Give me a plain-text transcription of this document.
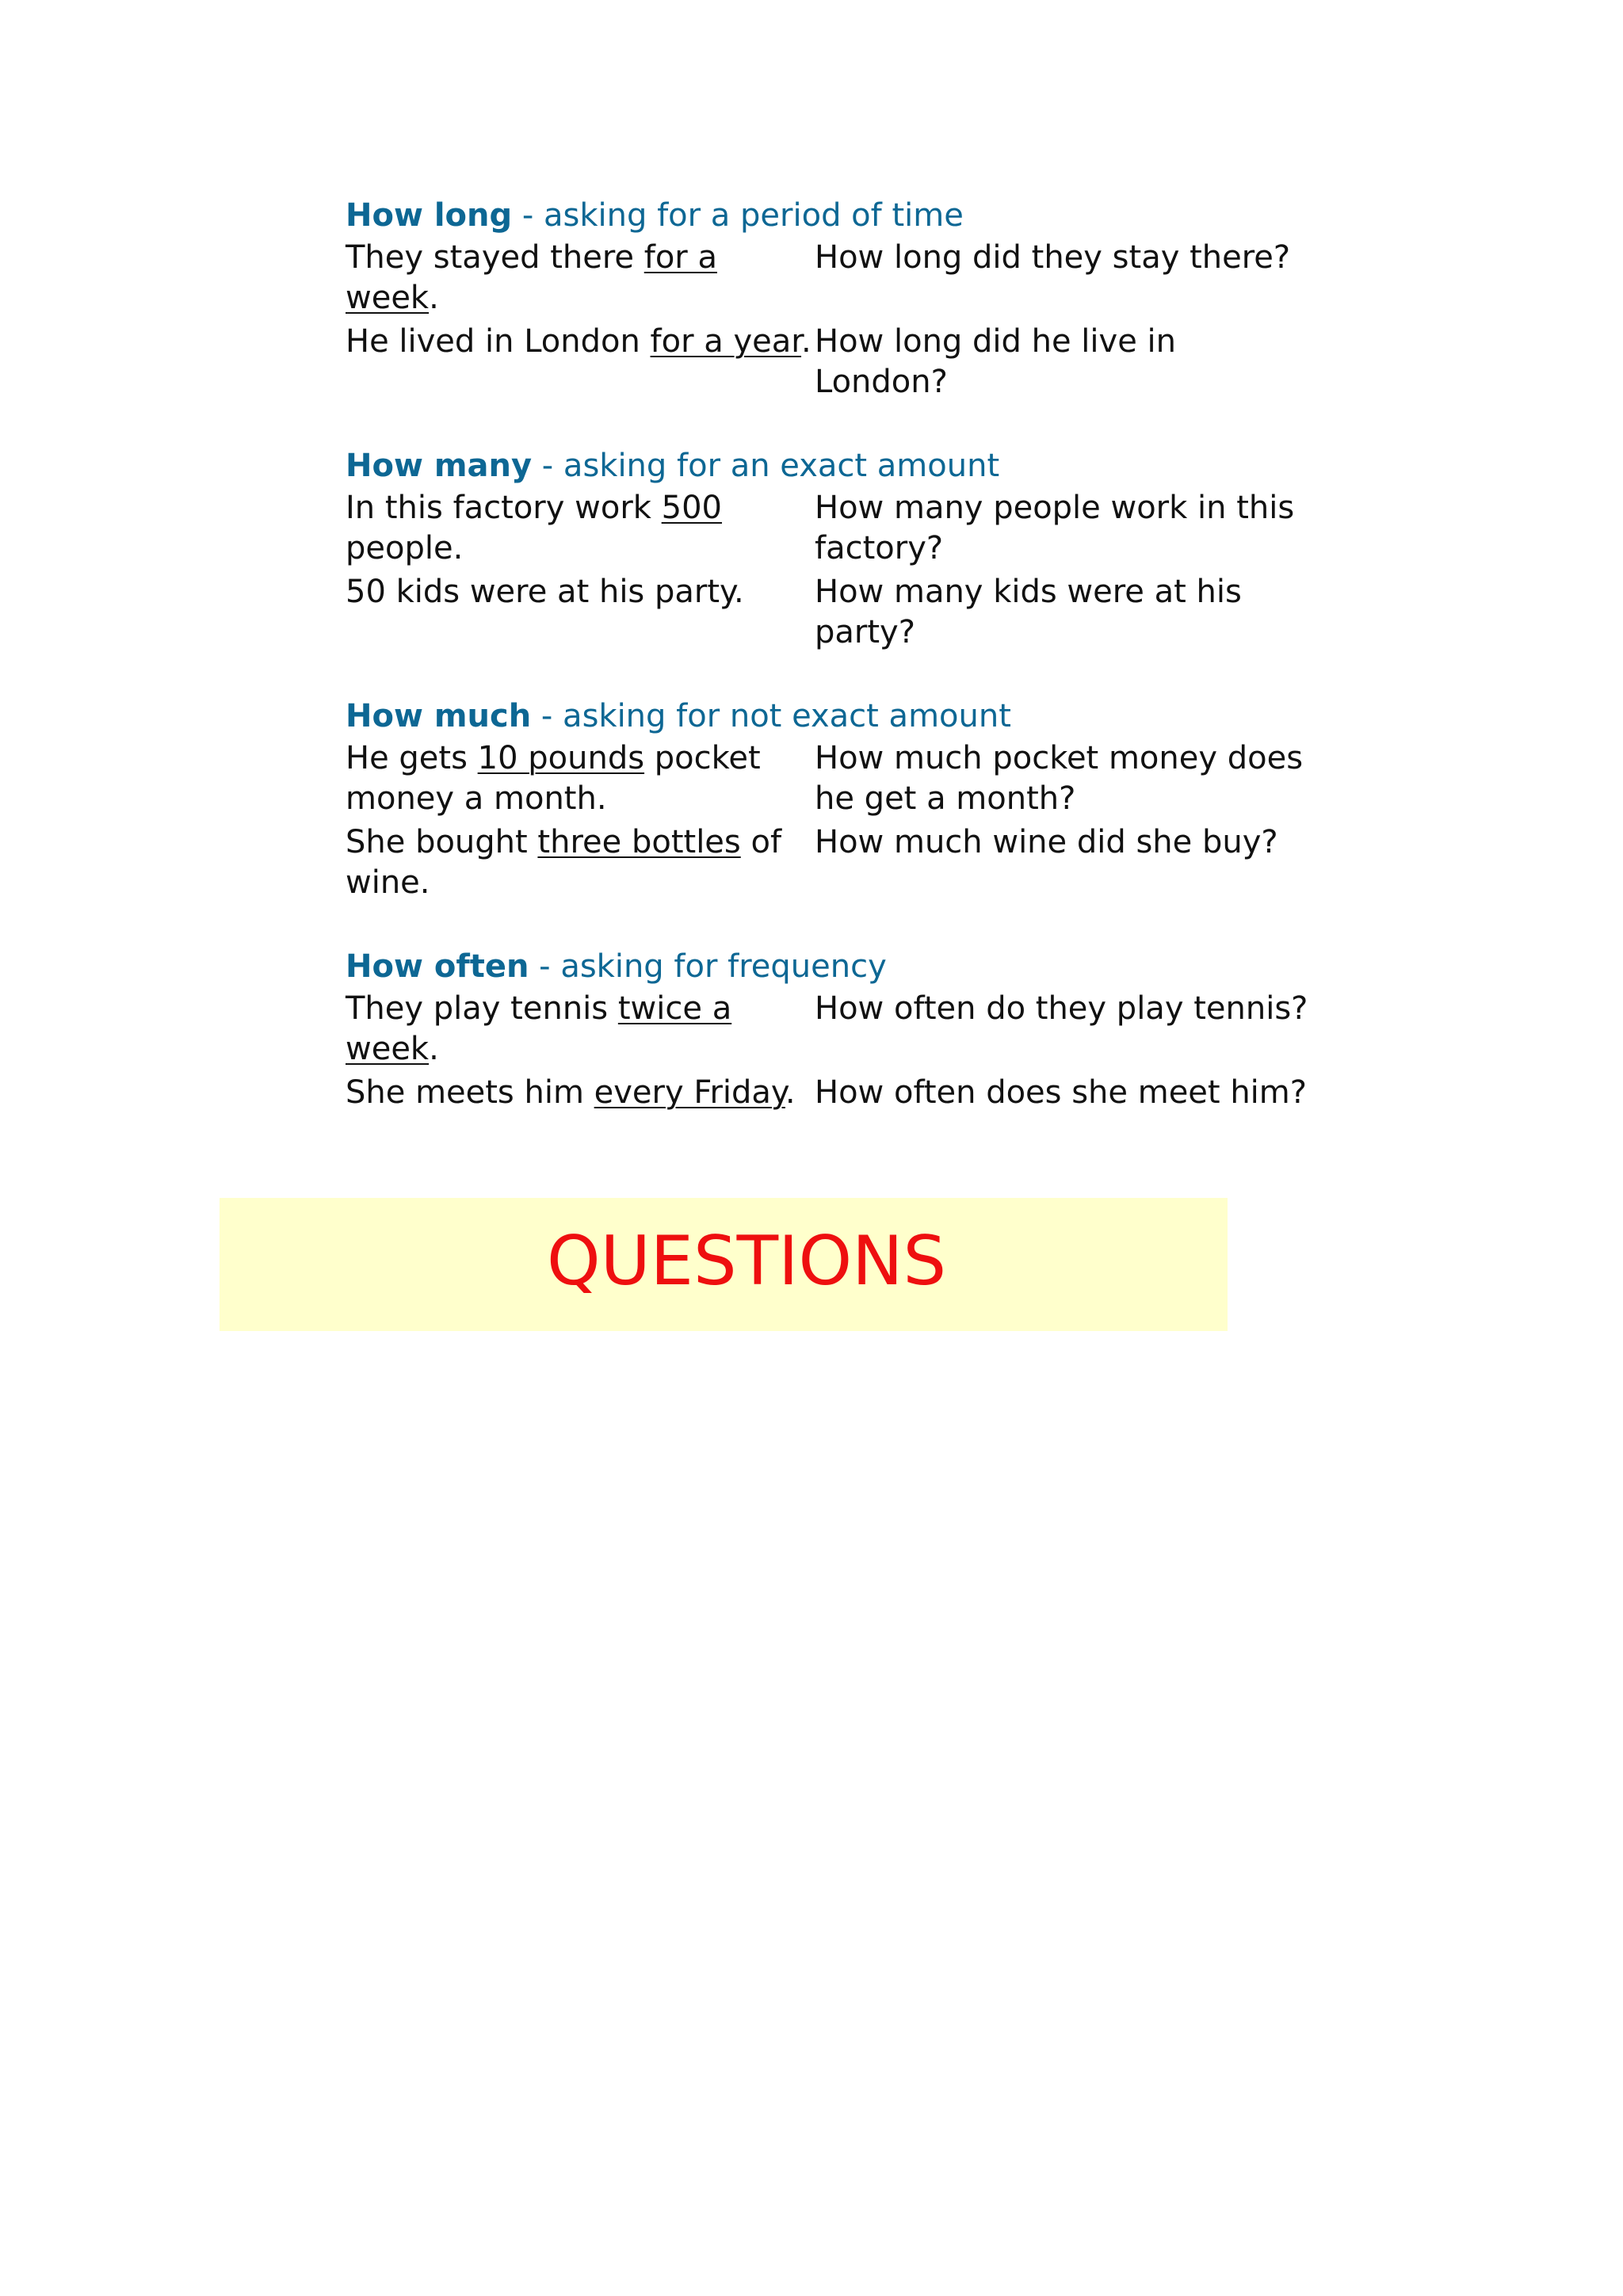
How long - asking for a period of time

They stayed there for a week.
How long did they stay there?
He lived in London for a year. How long did he live in London?

How many - asking for an exact amount

In this factory work 500 people.
How many people work in this factory?
50 kids were at his party.	How many kids were at his party?

How much - asking for not exact amount

He gets 10 pounds pocket money a month.
How much pocket money does he get a month?
She bought three bottles of wine.
How much wine did she buy?

How often - asking for frequency

They play tennis twice a week.
How often do they play tennis?
She meets him every Friday. How often does she meet him?
QUESTIONS
